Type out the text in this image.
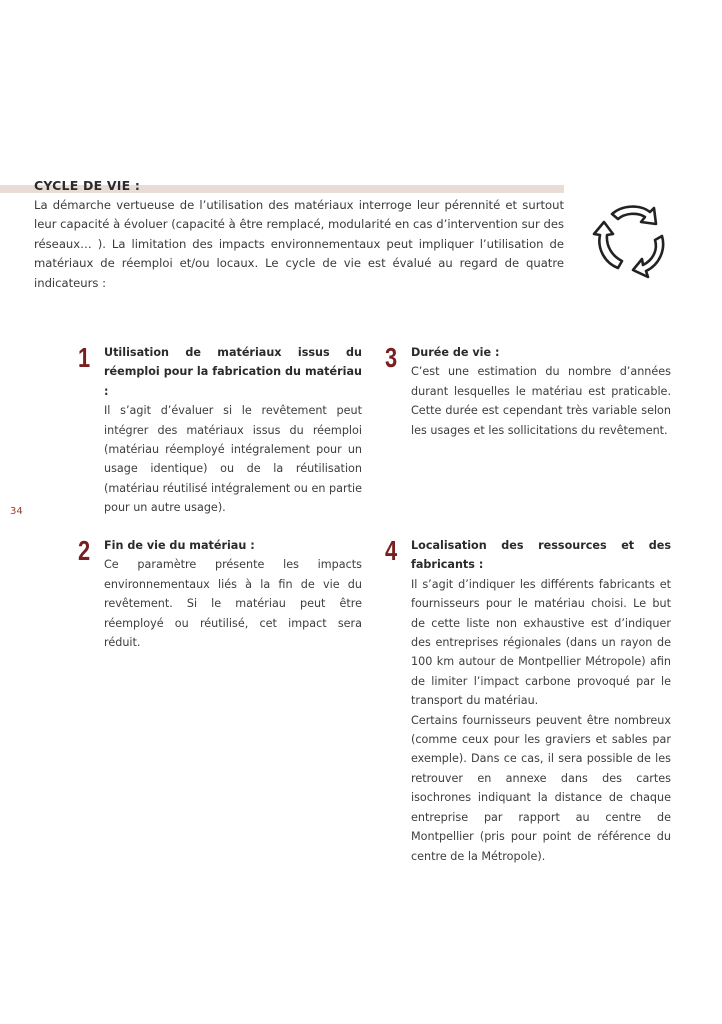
CYCLE DE VIE :

La démarche vertueuse de l’utilisation des matériaux interroge leur pérennité et surtout leur capacité à évoluer (capacité à être remplacé, modularité en cas d’intervention sur des réseaux… ). La limitation des impacts environnementaux peut impliquer l’utilisation de matériaux de réemploi et/ou locaux. Le cycle de vie est évalué au regard de quatre indicateurs :

1 Utilisation de matériaux issus du réemploi pour la fabrication du matériau :
Il s’agit d’évaluer si le revêtement peut intégrer des matériaux issus du réemploi (matériau réemployé intégralement pour un usage identique) ou de la réutilisation (matériau réutilisé intégralement ou en partie pour un autre usage).
2 Fin de vie du matériau :
Ce paramètre présente les impacts environnementaux liés à la fin de vie du revêtement. Si le matériau peut être réemployé ou réutilisé, cet impact sera réduit.
3 Durée de vie :
C’est une estimation du nombre d’années durant lesquelles le matériau est praticable. Cette durée est cependant très variable selon les usages et les sollicitations du revêtement.
4 Localisation des ressources et des fabricants :
Il s’agit d’indiquer les différents fabricants et fournisseurs pour le matériau choisi. Le but de cette liste non exhaustive est d’indiquer des entreprises régionales (dans un rayon de 100 km autour de Montpellier Métropole) afin de limiter l’impact carbone provoqué par le transport du matériau.
Certains fournisseurs peuvent être nombreux (comme ceux pour les graviers et sables par exemple). Dans ce cas, il sera possible de les retrouver en annexe dans des cartes isochrones indiquant la distance de chaque entreprise par rapport au centre de Montpellier (pris pour point de référence du centre de la Métropole).
34
